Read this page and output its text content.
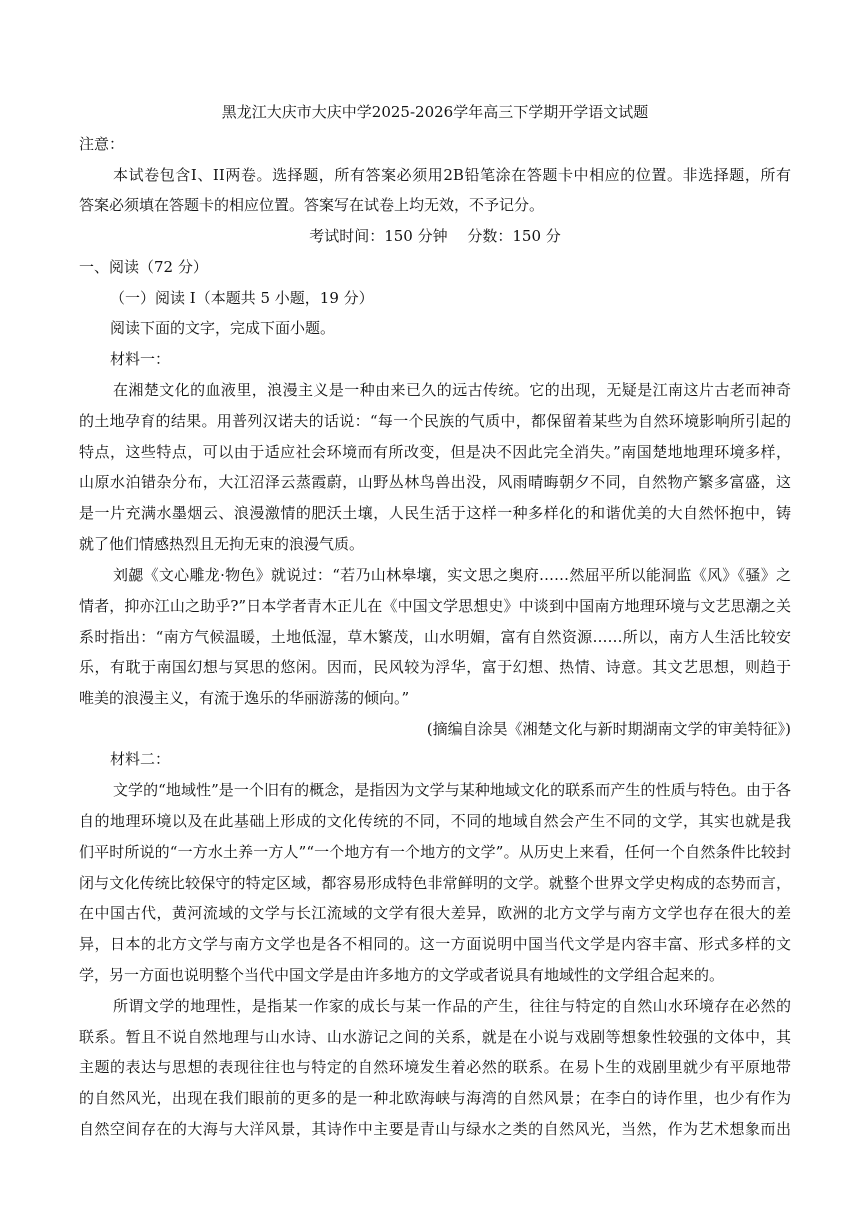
黑龙江大庆市大庆中学2025-2026学年高三下学期开学语文试题
注意：
本试卷包含I、II两卷。选择题，所有答案必须用2B铅笔涂在答题卡中相应的位置。非选择题，所有
答案必须填在答题卡的相应位置。答案写在试卷上均无效，不予记分。
考试时间：150 分钟　 分数：150 分
一、阅读（72 分）
（一）阅读 I（本题共 5 小题，19 分）
阅读下面的文字，完成下面小题。
材料一：
在湘楚文化的血液里，浪漫主义是一种由来已久的远古传统。它的出现，无疑是江南这片古老而神奇
的土地孕育的结果。用普列汉诺夫的话说：“每一个民族的气质中，都保留着某些为自然环境影响所引起的
特点，这些特点，可以由于适应社会环境而有所改变，但是决不因此完全消失。”南国楚地地理环境多样，
山原水泊错杂分布，大江沼泽云蒸霞蔚，山野丛林鸟兽出没，风雨晴晦朝夕不同，自然物产繁多富盛，这
是一片充满水墨烟云、浪漫激情的肥沃土壤，人民生活于这样一种多样化的和谐优美的大自然怀抱中，铸
就了他们情感热烈且无拘无束的浪漫气质。
刘勰《文心雕龙·物色》就说过：“若乃山林皋壤，实文思之奥府……然屈平所以能洞监《风》《骚》之
情者，抑亦江山之助乎?”日本学者青木正儿在《中国文学思想史》中谈到中国南方地理环境与文艺思潮之关
系时指出：“南方气候温暖，土地低湿，草木繁茂，山水明媚，富有自然资源……所以，南方人生活比较安
乐，有耽于南国幻想与冥思的悠闲。因而，民风较为浮华，富于幻想、热情、诗意。其文艺思想，则趋于
唯美的浪漫主义，有流于逸乐的华丽游荡的倾向。”
(摘编自涂昊《湘楚文化与新时期湖南文学的审美特征》)
材料二：
文学的“地域性”是一个旧有的概念，是指因为文学与某种地域文化的联系而产生的性质与特色。由于各
自的地理环境以及在此基础上形成的文化传统的不同，不同的地域自然会产生不同的文学，其实也就是我
们平时所说的“一方水土养一方人”“一个地方有一个地方的文学”。从历史上来看，任何一个自然条件比较封
闭与文化传统比较保守的特定区域，都容易形成特色非常鲜明的文学。就整个世界文学史构成的态势而言，
在中国古代，黄河流域的文学与长江流域的文学有很大差异，欧洲的北方文学与南方文学也存在很大的差
异，日本的北方文学与南方文学也是各不相同的。这一方面说明中国当代文学是内容丰富、形式多样的文
学，另一方面也说明整个当代中国文学是由许多地方的文学或者说具有地域性的文学组合起来的。
所谓文学的地理性，是指某一作家的成长与某一作品的产生，往往与特定的自然山水环境存在必然的
联系。暂且不说自然地理与山水诗、山水游记之间的关系，就是在小说与戏剧等想象性较强的文体中，其
主题的表达与思想的表现往往也与特定的自然环境发生着必然的联系。在易卜生的戏剧里就少有平原地带
的自然风光，出现在我们眼前的更多的是一种北欧海峡与海湾的自然风景；在李白的诗作里，也少有作为
自然空间存在的大海与大洋风景，其诗作中主要是青山与绿水之类的自然风光，当然，作为艺术想象而出
